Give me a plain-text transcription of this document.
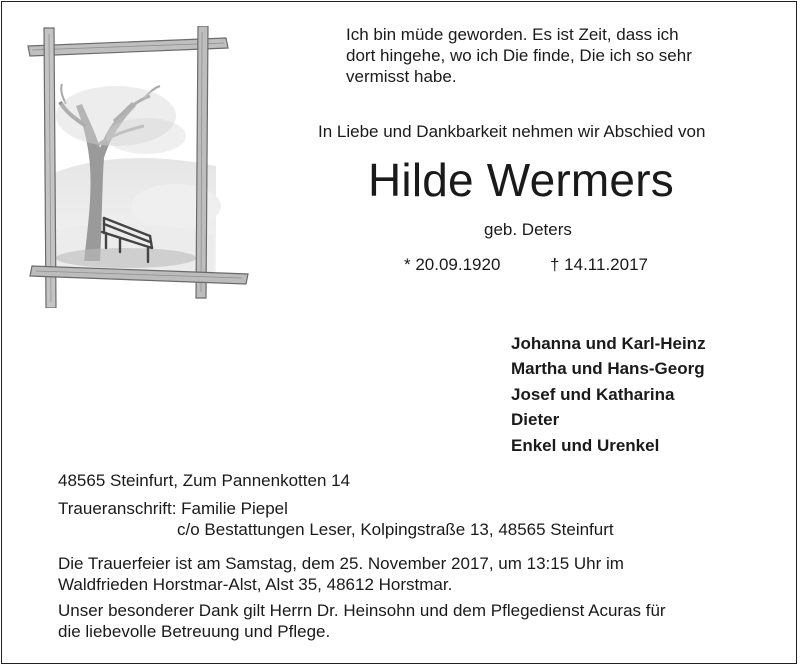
Ich bin müde geworden. Es ist Zeit, dass ich
dort hingehe, wo ich Die finde, Die ich so sehr
vermisst habe.
In Liebe und Dankbarkeit nehmen wir Abschied von
Hilde Wermers
geb. Deters
* 20.09.1920	† 14.11.2017
Johanna und Karl-Heinz
Martha und Hans-Georg
Josef und Katharina
Dieter
Enkel und Urenkel
48565 Steinfurt, Zum Pannenkotten 14
Traueranschrift: Familie Piepel
c/o Bestattungen Leser, Kolpingstraße 13, 48565 Steinfurt
Die Trauerfeier ist am Samstag, dem 25. November 2017, um 13:15 Uhr im
Waldfrieden Horstmar-Alst, Alst 35, 48612 Horstmar.
Unser besonderer Dank gilt Herrn Dr. Heinsohn und dem Pflegedienst Acuras für
die liebevolle Betreuung und Pflege.
